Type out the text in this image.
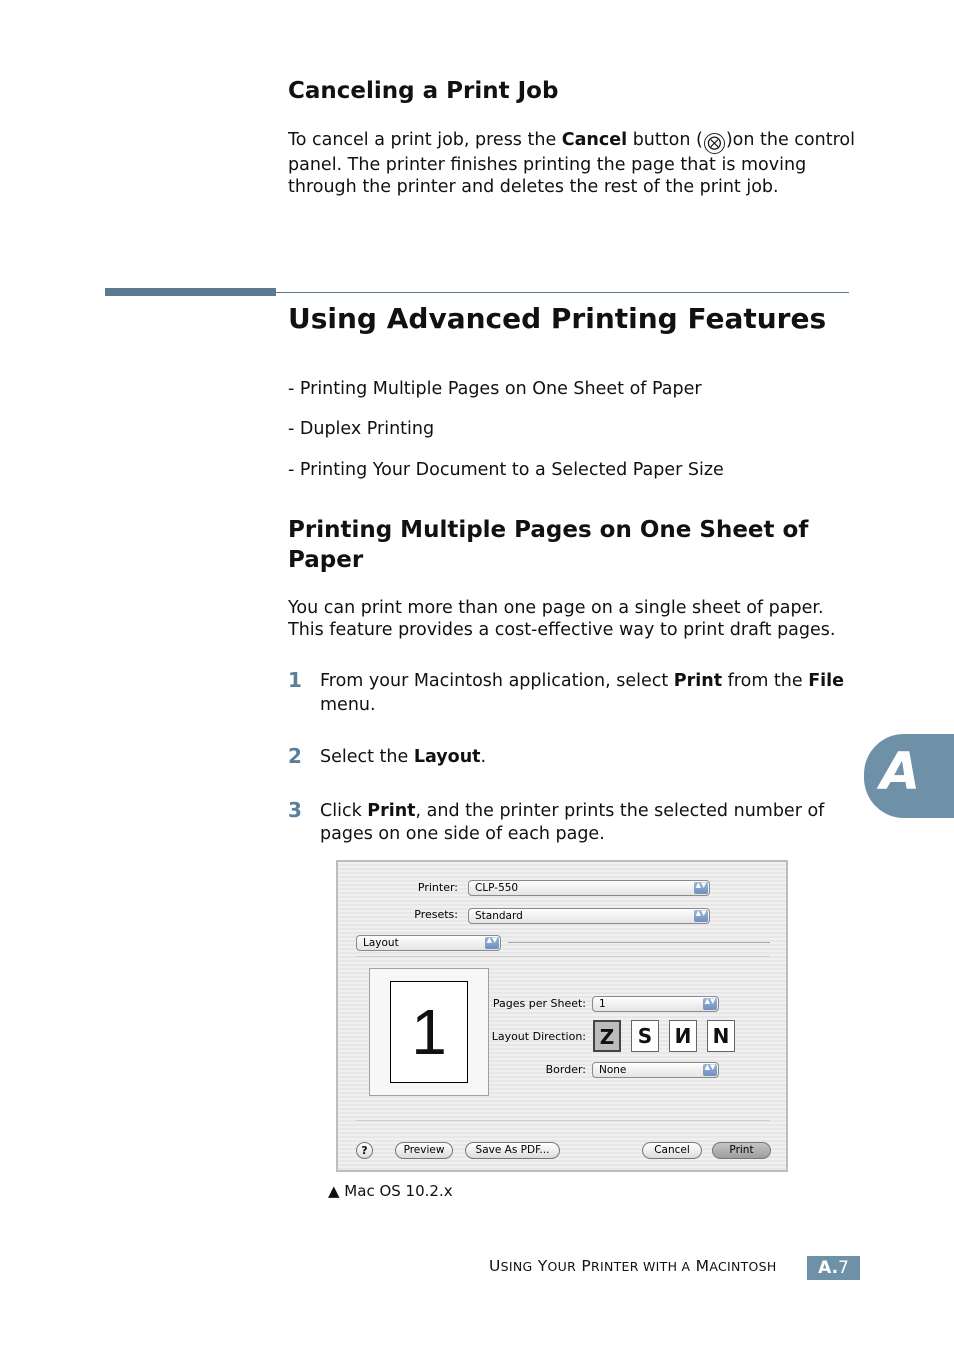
Canceling a Print Job

To cancel a print job, press the Cancel button ( ⨂ )on the control panel. The printer finishes printing the page that is moving through the printer and deletes the rest of the print job.

Using Advanced Printing Features
- Printing Multiple Pages on One Sheet of Paper
- Duplex Printing
- Printing Your Document to a Selected Paper Size
Printing Multiple Pages on One Sheet of
Paper

You can print more than one page on a single sheet of paper.

This feature provides a cost-effective way to print draft pages.

1 From your Macintosh application, select Print from the File
menu.
2 Select the Layout.
3 Click Print, and the printer prints the selected number of
pages on one side of each page.
A
Printer:	CLP-550	▲▼
Presets:	Standard	▲▼
Layout	▲▼
1	Pages per Sheet:	1	▲▼
Layout Direction: Z	S	И N
Border:	None	▲▼
?	Preview	Save As PDF...	Cancel	Print
▲ Mac OS 10.2.x
USING YOUR PRINTER WITH A MACINTOSH	A.7
